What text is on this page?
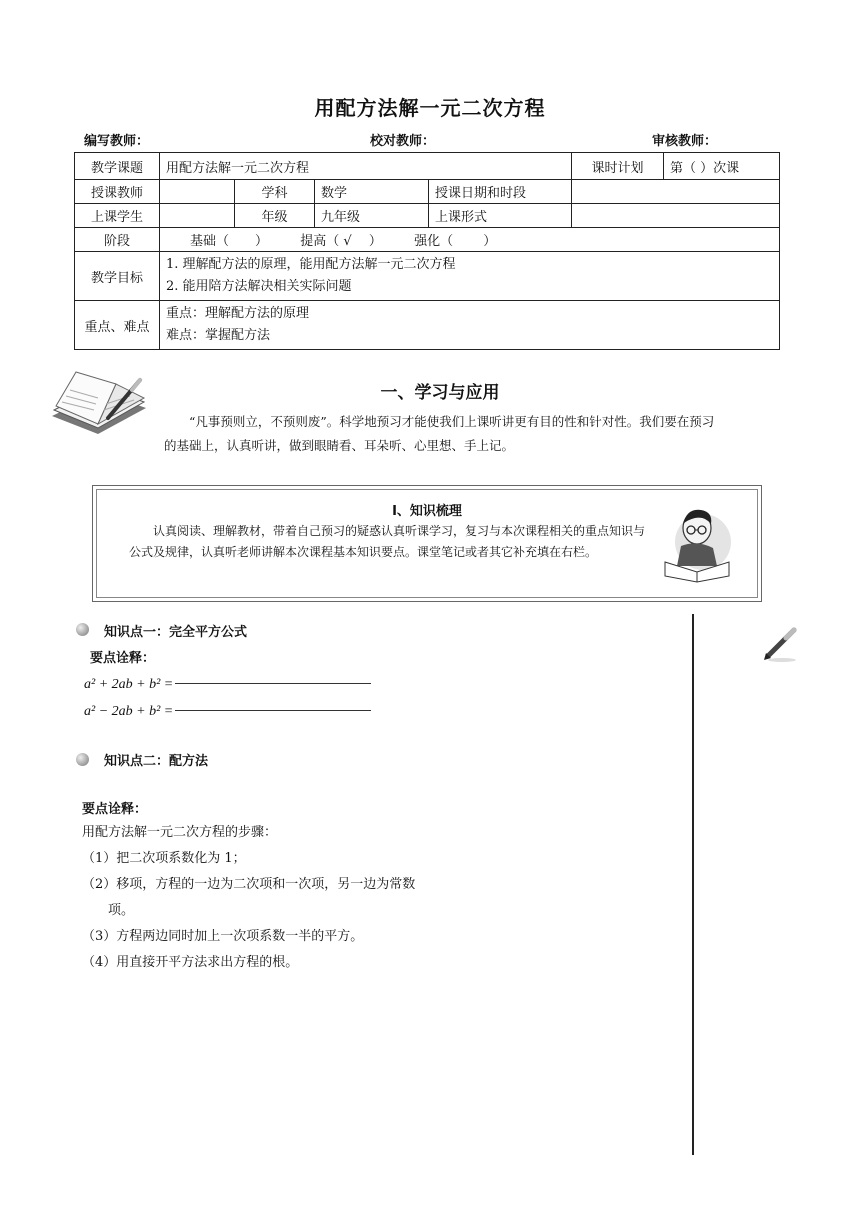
用配方法解一元二次方程
编写教师：	校对教师：	审核教师：
教学课题	用配方法解一元二次方程				课时计划	第（ ）次课
授课教师		学科	数学	授课日期和时段		
上课学生		年级	九年级	上课形式		
阶段	基础（　　） 提高（ √　 ） 强化（　　 ）					
教学目标	1. 理解配方法的原理，能用配方法解一元二次方程
2. 能用陪方法解决相关实际问题					

重点、难点	重点：理解配方法的原理
难点：掌握配方法					
一、学习与应用
“凡事预则立，不预则废”。科学地预习才能使我们上课听讲更有目的性和针对性。我们要在预习的基础上，认真听讲，做到眼睛看、耳朵听、心里想、手上记。
Ⅰ、知识梳理
认真阅读、理解教材，带着自己预习的疑惑认真听课学习，复习与本次课程相关的重点知识与公式及规律，认真听老师讲解本次课程基本知识要点。课堂笔记或者其它补充填在右栏。
知识点一：完全平方公式
要点诠释：
a² + 2ab + b² =
a² − 2ab + b² =
知识点二：配方法
要点诠释：
用配方法解一元二次方程的步骤：
（1）把二次项系数化为 1；
（2）移项，方程的一边为二次项和一次项，另一边为常数
项。
（3）方程两边同时加上一次项系数一半的平方。
（4）用直接开平方法求出方程的根。
